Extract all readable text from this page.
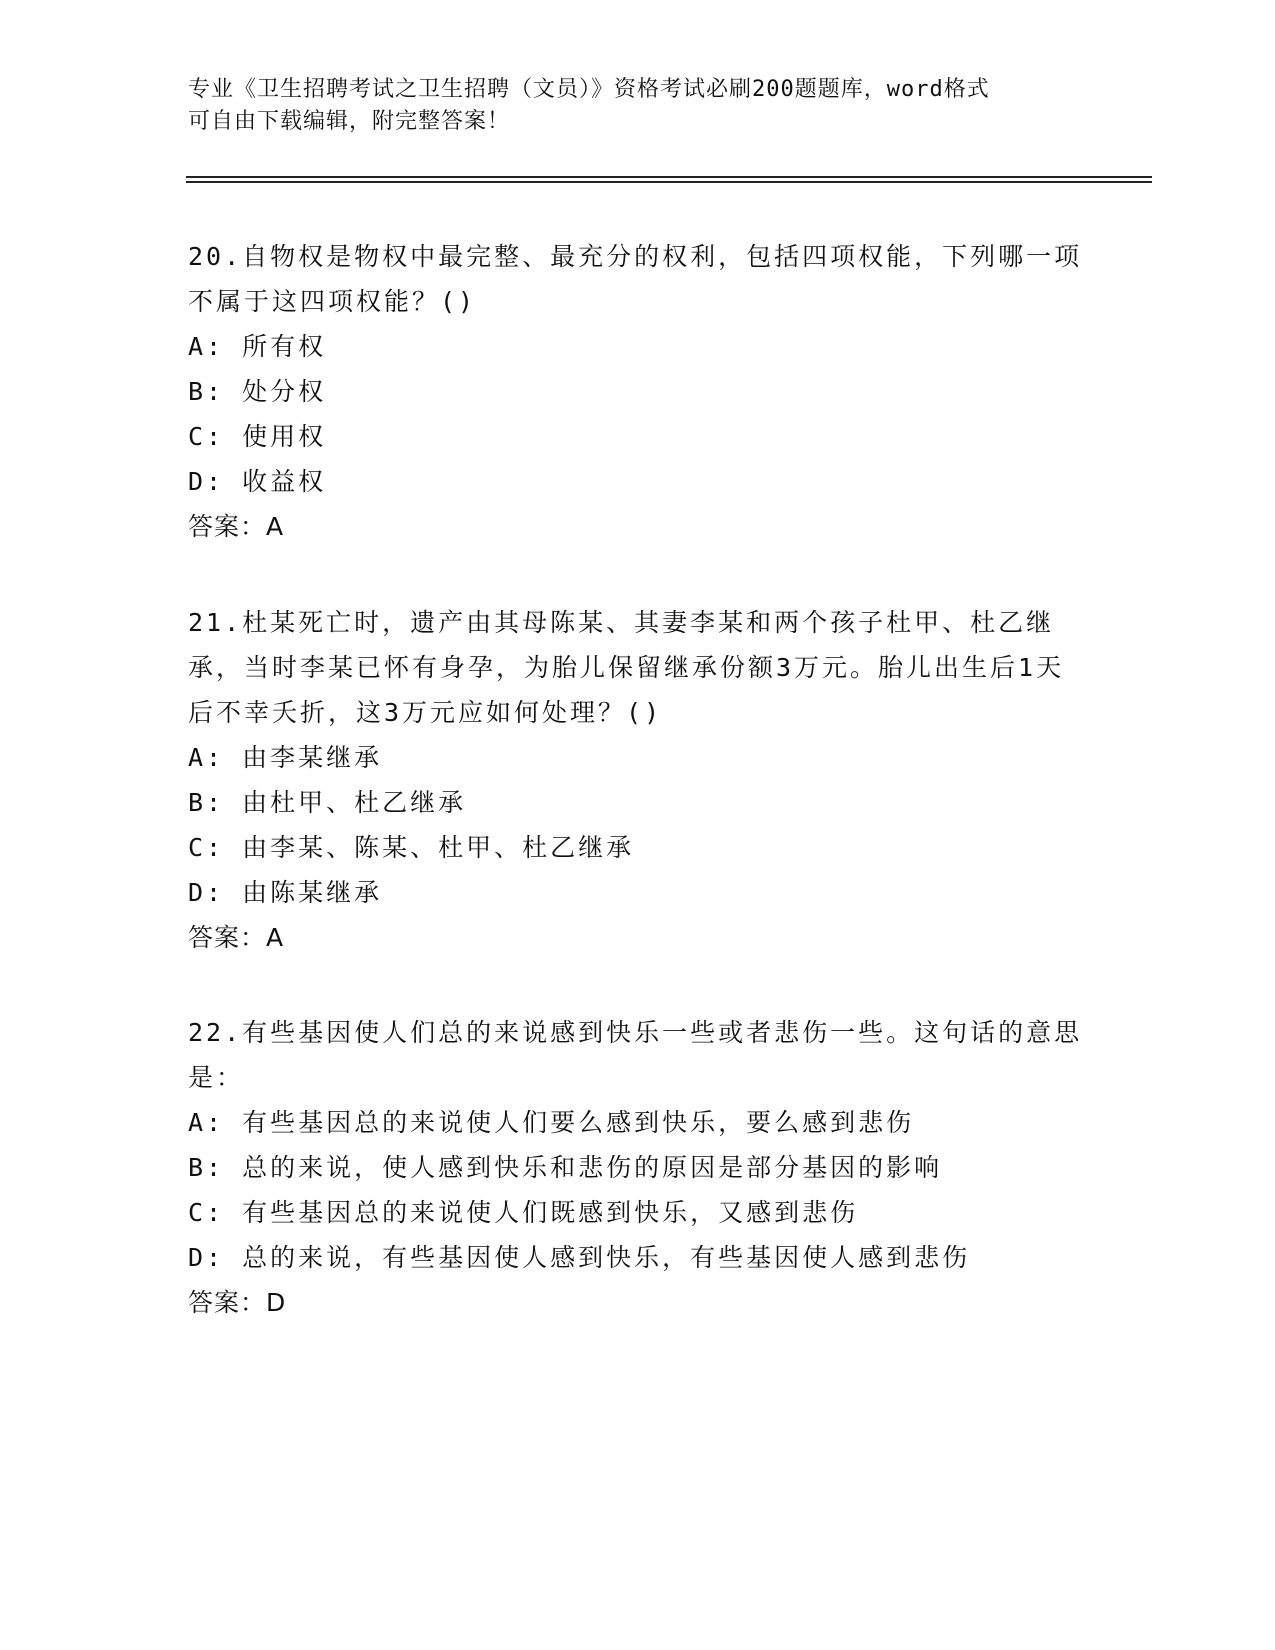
专业《卫生招聘考试之卫生招聘（文员）》资格考试必刷200题题库，word格式
可自由下载编辑，附完整答案！

20.自物权是物权中最完整、最充分的权利，包括四项权能，下列哪一项不属于这四项权能？()

A: 所有权

B: 处分权

C: 使用权

D: 收益权

答案：A

21.杜某死亡时，遗产由其母陈某、其妻李某和两个孩子杜甲、杜乙继承，当时李某已怀有身孕，为胎儿保留继承份额3万元。胎儿出生后1天后不幸夭折，这3万元应如何处理？()

A: 由李某继承

B: 由杜甲、杜乙继承

C: 由李某、陈某、杜甲、杜乙继承

D: 由陈某继承

答案：A

22.有些基因使人们总的来说感到快乐一些或者悲伤一些。这句话的意思是：

A: 有些基因总的来说使人们要么感到快乐，要么感到悲伤

B: 总的来说，使人感到快乐和悲伤的原因是部分基因的影响

C: 有些基因总的来说使人们既感到快乐，又感到悲伤

D: 总的来说，有些基因使人感到快乐，有些基因使人感到悲伤

答案：D
